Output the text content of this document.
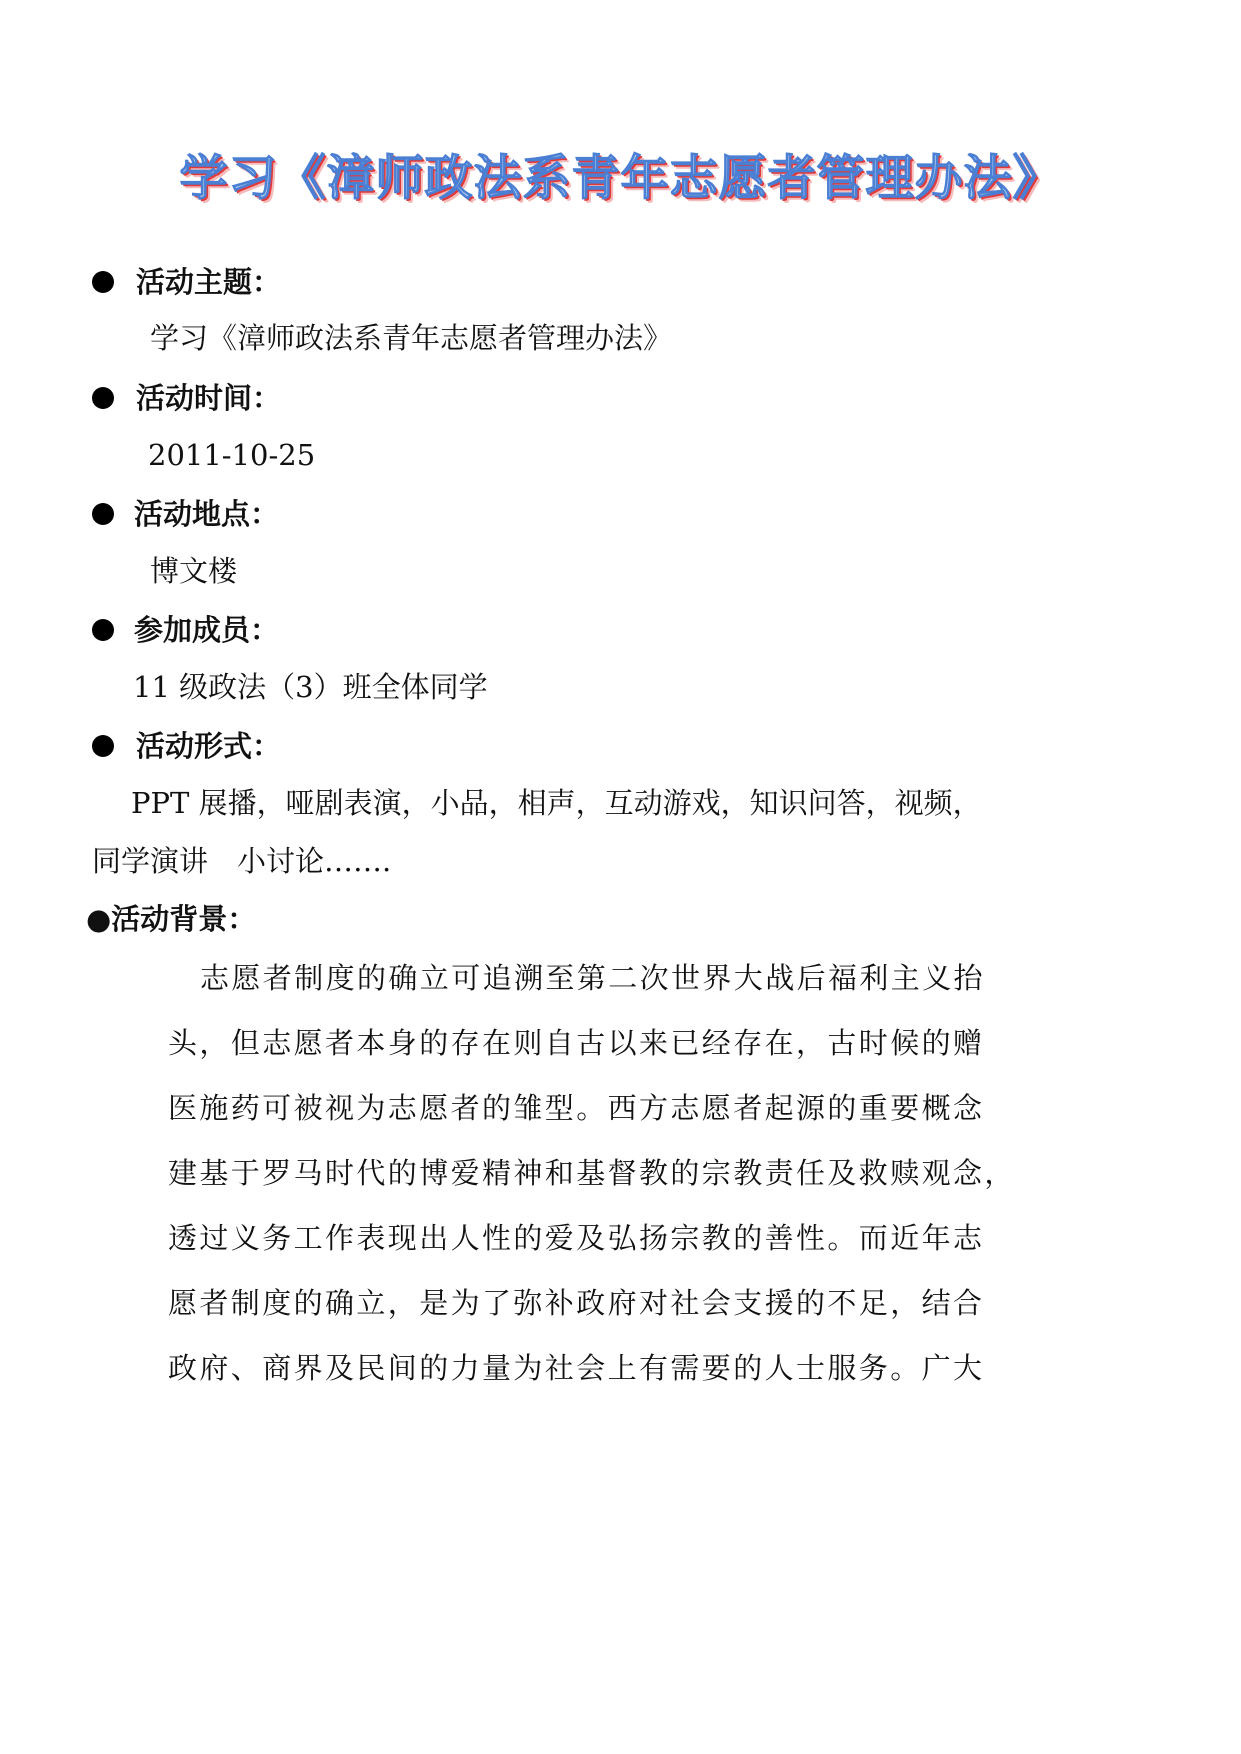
学习《漳师政法系青年志愿者管理办法》
活动主题：
学习《漳师政法系青年志愿者管理办法》
活动时间：
2011-10-25
活动地点：
博文楼
参加成员：
11 级政法（3）班全体同学
活动形式：
PPT 展播，哑剧表演，小品，相声，互动游戏，知识问答，视频，
同学演讲　小讨论…….
●活动背景：
志愿者制度的确立可追溯至第二次世界大战后福利主义抬
头，但志愿者本身的存在则自古以来已经存在，古时候的赠
医施药可被视为志愿者的雏型。西方志愿者起源的重要概念
建基于罗马时代的博爱精神和基督教的宗教责任及救赎观念，
透过义务工作表现出人性的爱及弘扬宗教的善性。而近年志
愿者制度的确立，是为了弥补政府对社会支援的不足，结合
政府、商界及民间的力量为社会上有需要的人士服务。广大
